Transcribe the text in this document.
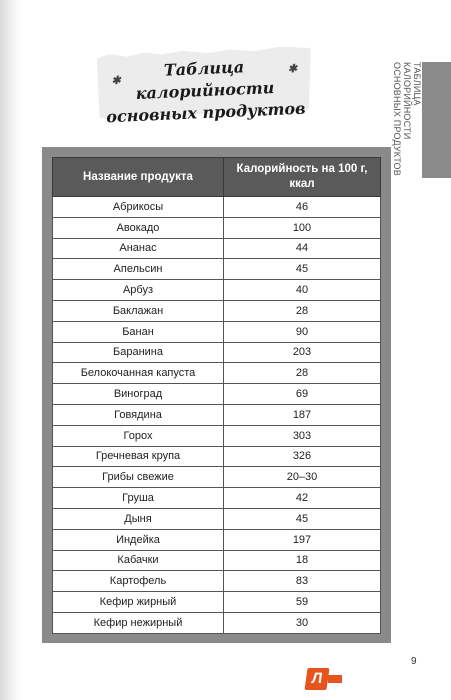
✱
Таблица калорийности
основных продуктов
✱	ТАБЛИЦА КАЛОРИЙНОСТИ
ОСНОВНЫХ ПРОДУКТОВ
Название продукта	Калорийность на 100 г, ккал
Абрикосы	46
Авокадо	100
Ананас	44
Апельсин	45
Арбуз	40
Баклажан	28
Банан	90
Баранина	203
Белокочанная капуста	28
Виноград	69
Говядина	187
Горох	303
Гречневая крупа	326
Грибы свежие	20–30
Груша	42
Дыня	45
Индейка	197
Кабачки	18
Картофель	83
Кефир жирный	59
Кефир нежирный	30
9
Л
